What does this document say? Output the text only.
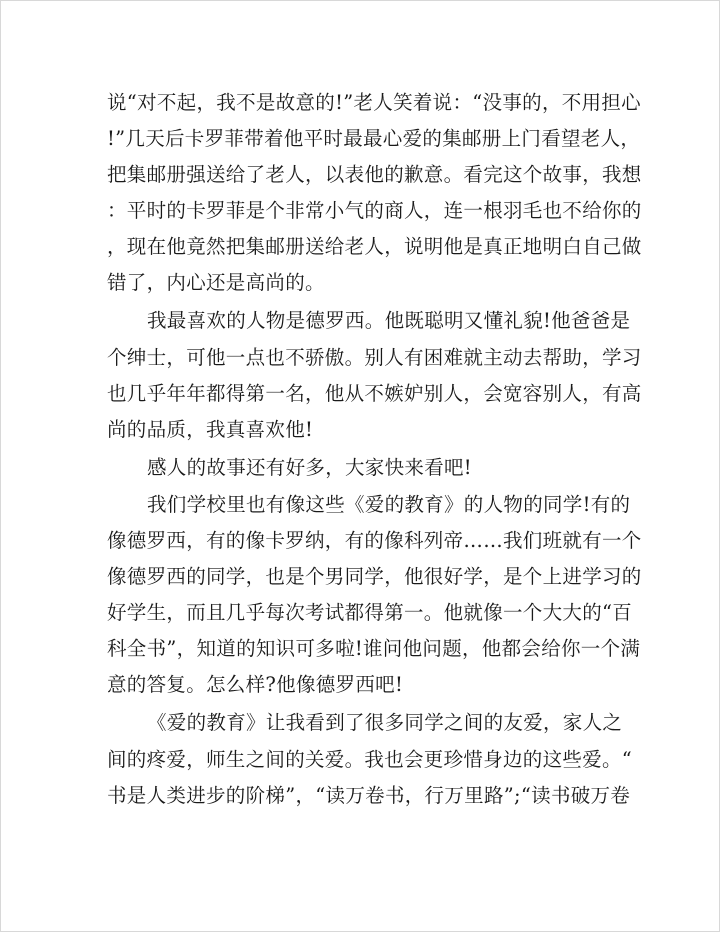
说“对不起，我不是故意的!”老人笑着说：“没事的，不用担心
!”几天后卡罗菲带着他平时最最心爱的集邮册上门看望老人，
把集邮册强送给了老人，以表他的歉意。看完这个故事，我想
：平时的卡罗菲是个非常小气的商人，连一根羽毛也不给你的
，现在他竟然把集邮册送给老人，说明他是真正地明白自己做
错了，内心还是高尚的。
我最喜欢的人物是德罗西。他既聪明又懂礼貌!他爸爸是
个绅士，可他一点也不骄傲。别人有困难就主动去帮助，学习
也几乎年年都得第一名，他从不嫉妒别人，会宽容别人，有高
尚的品质，我真喜欢他!
感人的故事还有好多，大家快来看吧!
我们学校里也有像这些《爱的教育》的人物的同学!有的
像德罗西，有的像卡罗纳，有的像科列帝……我们班就有一个
像德罗西的同学，也是个男同学，他很好学，是个上进学习的
好学生，而且几乎每次考试都得第一。他就像一个大大的“百
科全书”，知道的知识可多啦!谁问他问题，他都会给你一个满
意的答复。怎么样?他像德罗西吧!
《爱的教育》让我看到了很多同学之间的友爱，家人之
间的疼爱，师生之间的关爱。我也会更珍惜身边的这些爱。“
书是人类进步的阶梯”，“读万卷书，行万里路”;“读书破万卷
